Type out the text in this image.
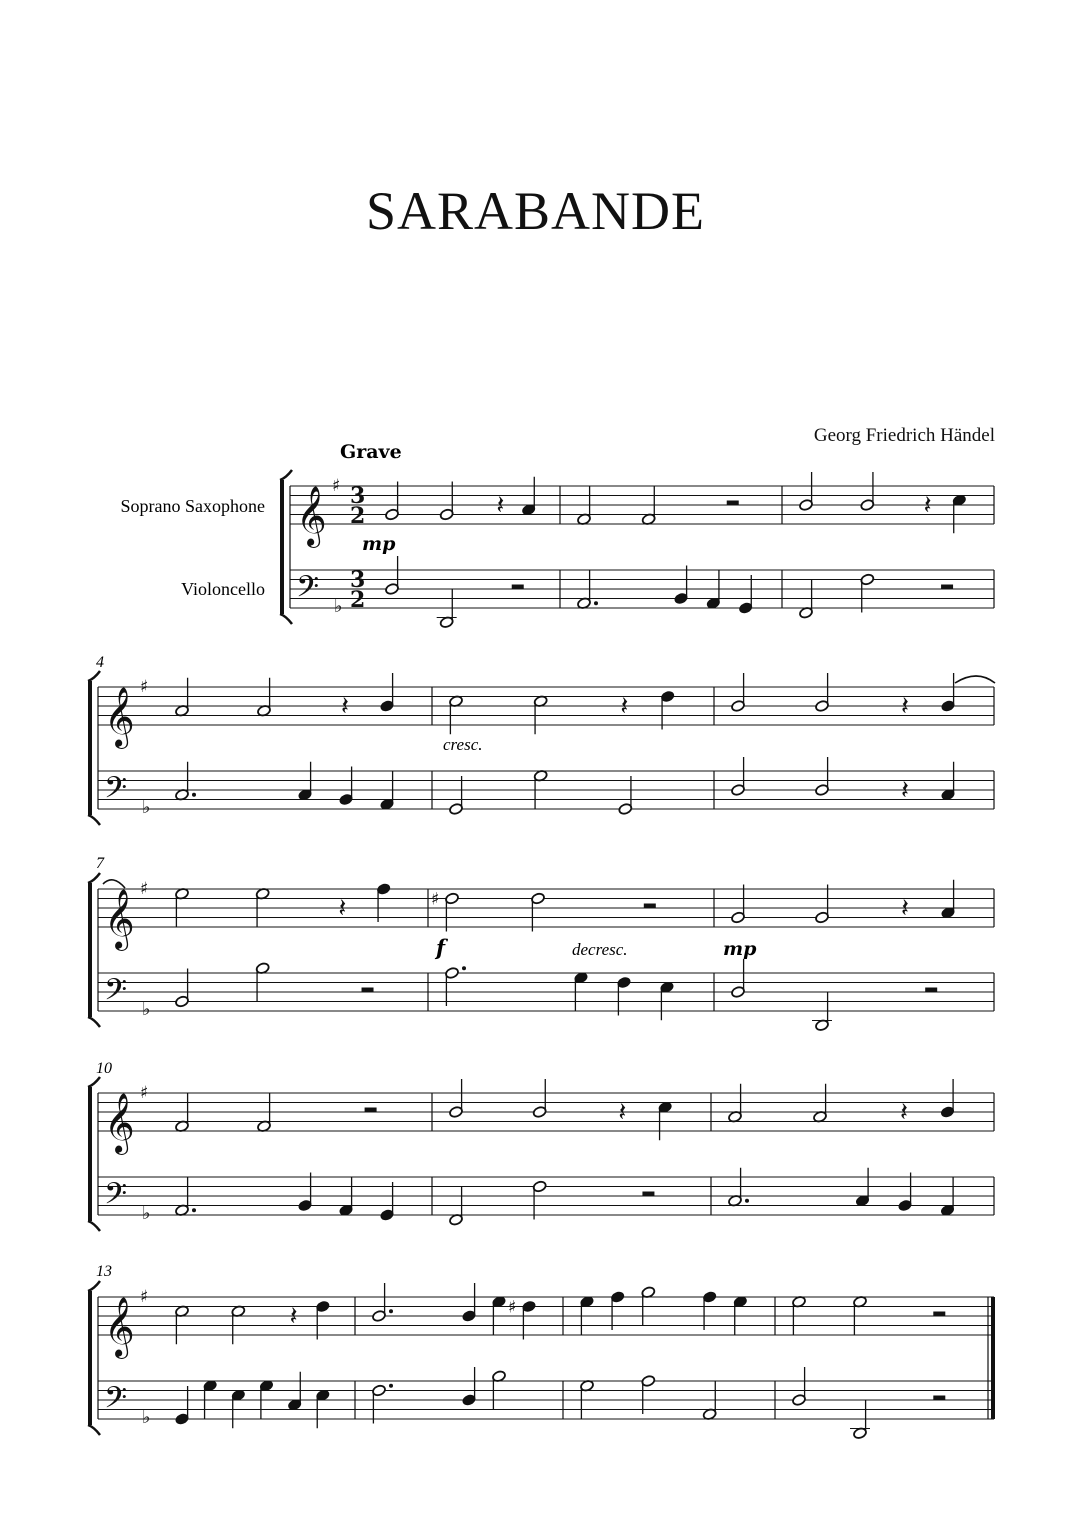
SARABANDE
Georg Friedrich Händel
Grave
Soprano Saxophone
Violoncello
4
7
10
13
mp
cresc.
f	decresc.	mp
𝄞
𝄢
♯
♭
3
2
3
2
𝄽	𝄽
𝄞
𝄢
♯
♭
𝄽	𝄽	𝄽
𝄽
𝄞
𝄢
♯
♭
𝄽	♯	𝄽
𝄞
𝄢
♯
♭
𝄽	𝄽
𝄞
𝄢
♯
♭
𝄽	♯
